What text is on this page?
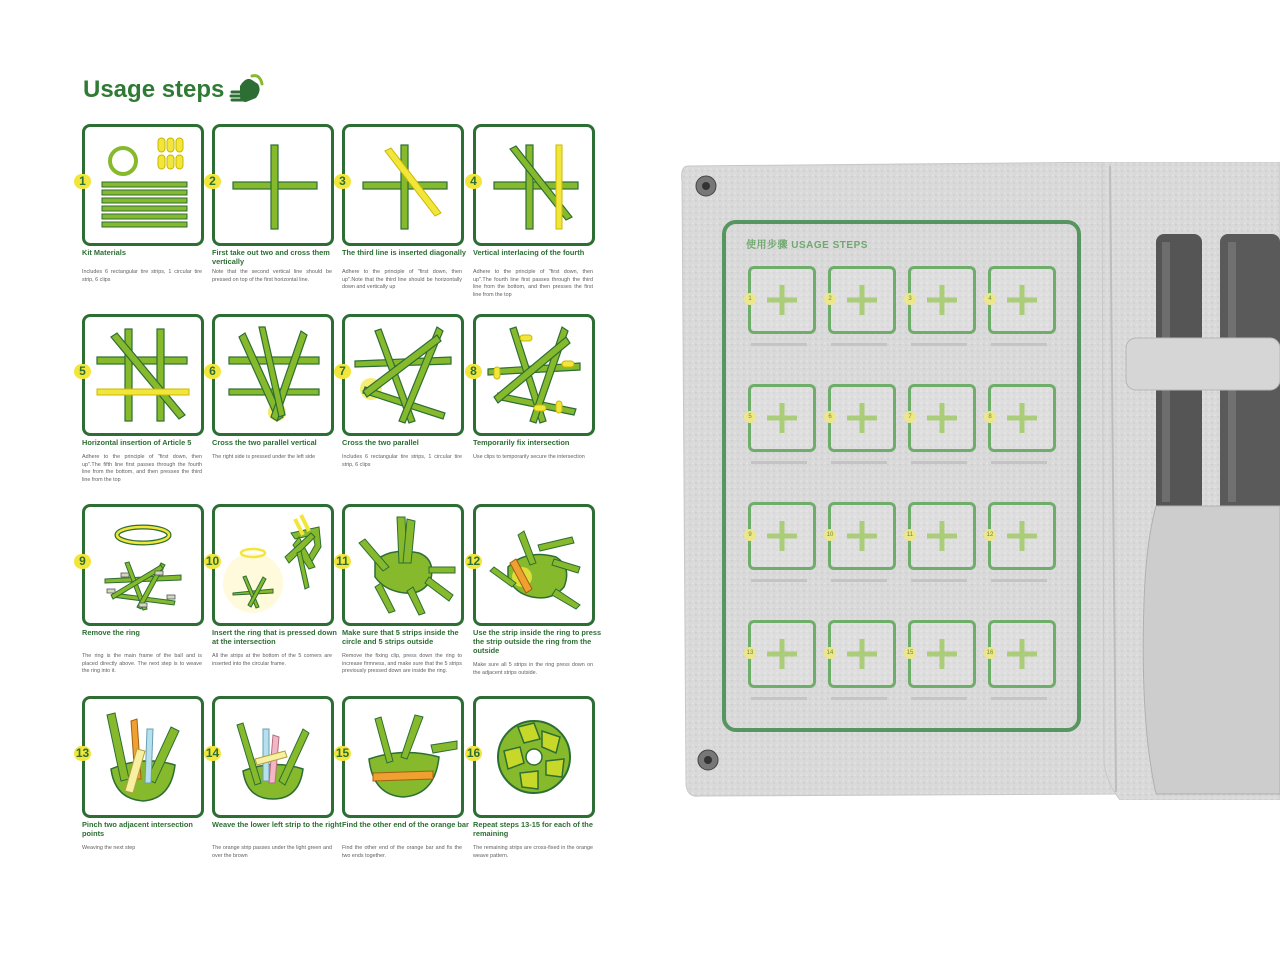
Usage steps
1
Kit Materials
Includes 6 rectangular tire strips, 1 circular tire strip, 6 clips
2
First take out two and cross them vertically
Note that the second vertical line should be pressed on top of the first horizontal line.
3
The third line is inserted diagonally
Adhere to the principle of "first down, then up".Note that the third line should be horizontally down and vertically up
4
Vertical interlacing of the fourth
Adhere to the principle of "first down, then up".The fourth line first passes through the third line from the bottom, and then presses the first line from the top
5
Horizontal insertion of Article 5
Adhere to the principle of "first down, then up".The fifth line first passes through the fourth line from the bottom, and then presses the third line from the top
6
Cross the two parallel vertical
The right side is pressed under the left side
7
Cross the two parallel
Includes 6 rectangular tire strips, 1 circular tire strip, 6 clips
8
Temporarily fix intersection
Use clips to temporarily secure the intersection
9
Remove the ring
The ring is the main frame of the ball and is placed directly above. The next step is to weave the ring into it.
10
Insert the ring that is pressed down at the intersection
All the strips at the bottom of the 5 corners are inserted into the circular frame.
11
Make sure that 5 strips inside the circle and 5 strips outside
Remove the fixing clip, press down the ring to increase firmness, and make sure that the 5 strips previously pressed down are inside the ring.
12
Use the strip inside the ring to press the strip outside the ring from the outside
Make sure all 5 strips in the ring press down on the adjacent strips outside.
13
Pinch two adjacent intersection points
Weaving the next step
14
Weave the lower left strip to the right
The orange strip passes under the light green and over the brown
15
Find the other end of the orange bar
Find the other end of the orange bar and fix the two ends together.
16
Repeat steps 13-15 for each of the remaining
The remaining strips are cross-fixed in the orange weave pattern.
使用步骤 USAGE STEPS
1	2	3	4
5	6	7	8
9	10	11	12
13	14	15	16
